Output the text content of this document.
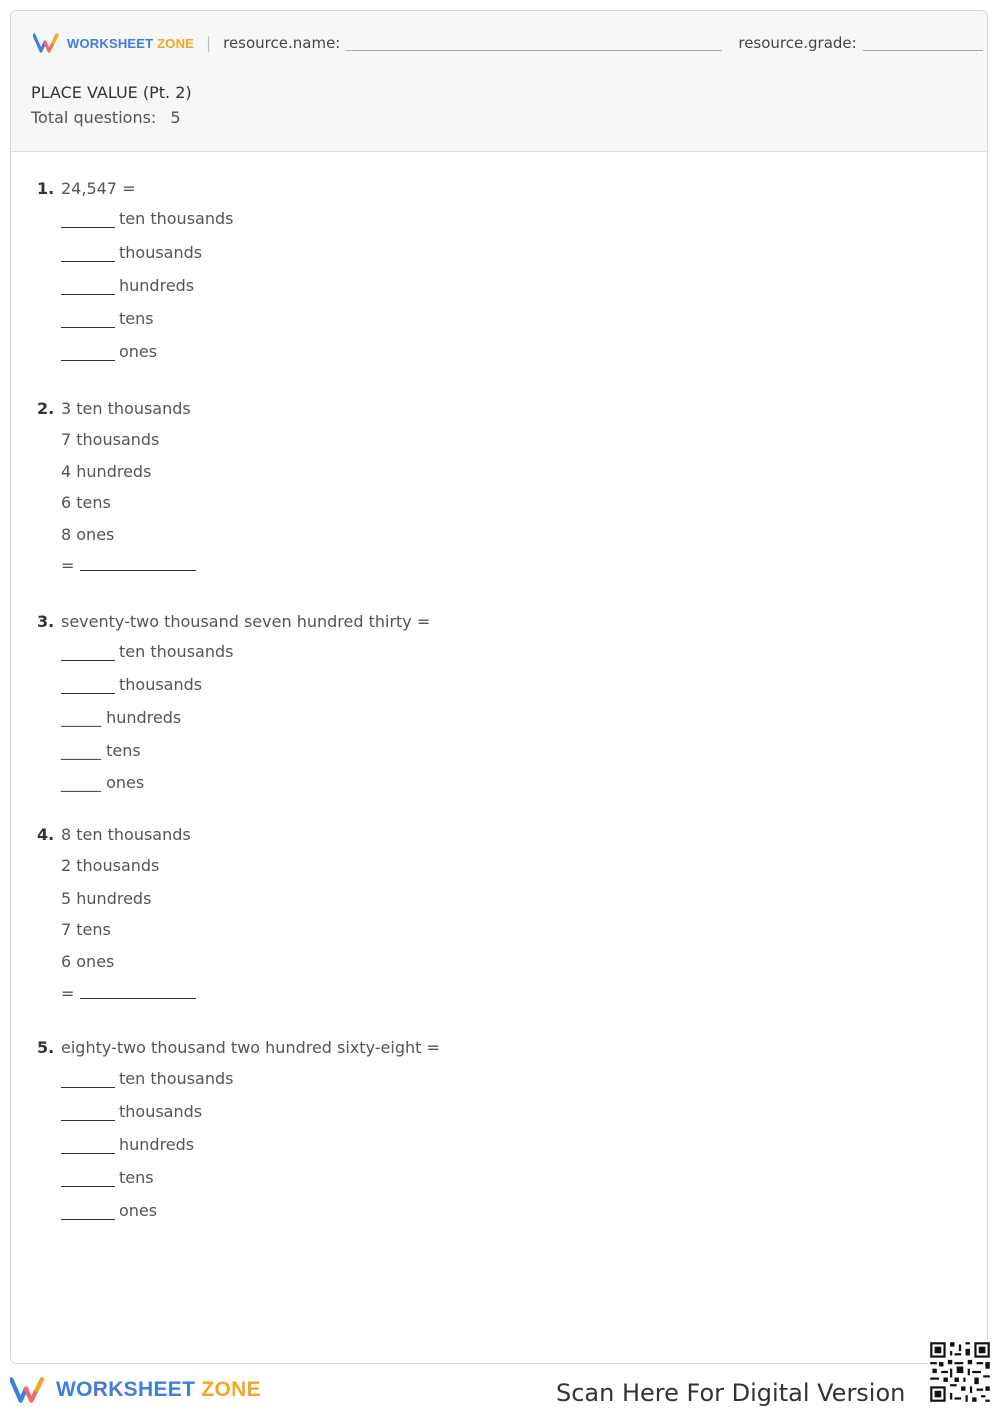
WORKSHEET ZONE | resource.name:	resource.grade:
PLACE VALUE (Pt. 2)
Total questions: 5
1. 24,547 =
ten thousands
thousands
hundreds
tens
ones
2. 3 ten thousands
7 thousands
4 hundreds
6 tens
8 ones
=
3. seventy-two thousand seven hundred thirty =
ten thousands
thousands
_____ hundreds
_____ tens
_____ ones
4. 8 ten thousands
2 thousands
5 hundreds
7 tens
6 ones
=
5. eighty-two thousand two hundred sixty-eight =
ten thousands
thousands
hundreds
tens
ones
WORKSHEET ZONE	Scan Here For Digital Version
